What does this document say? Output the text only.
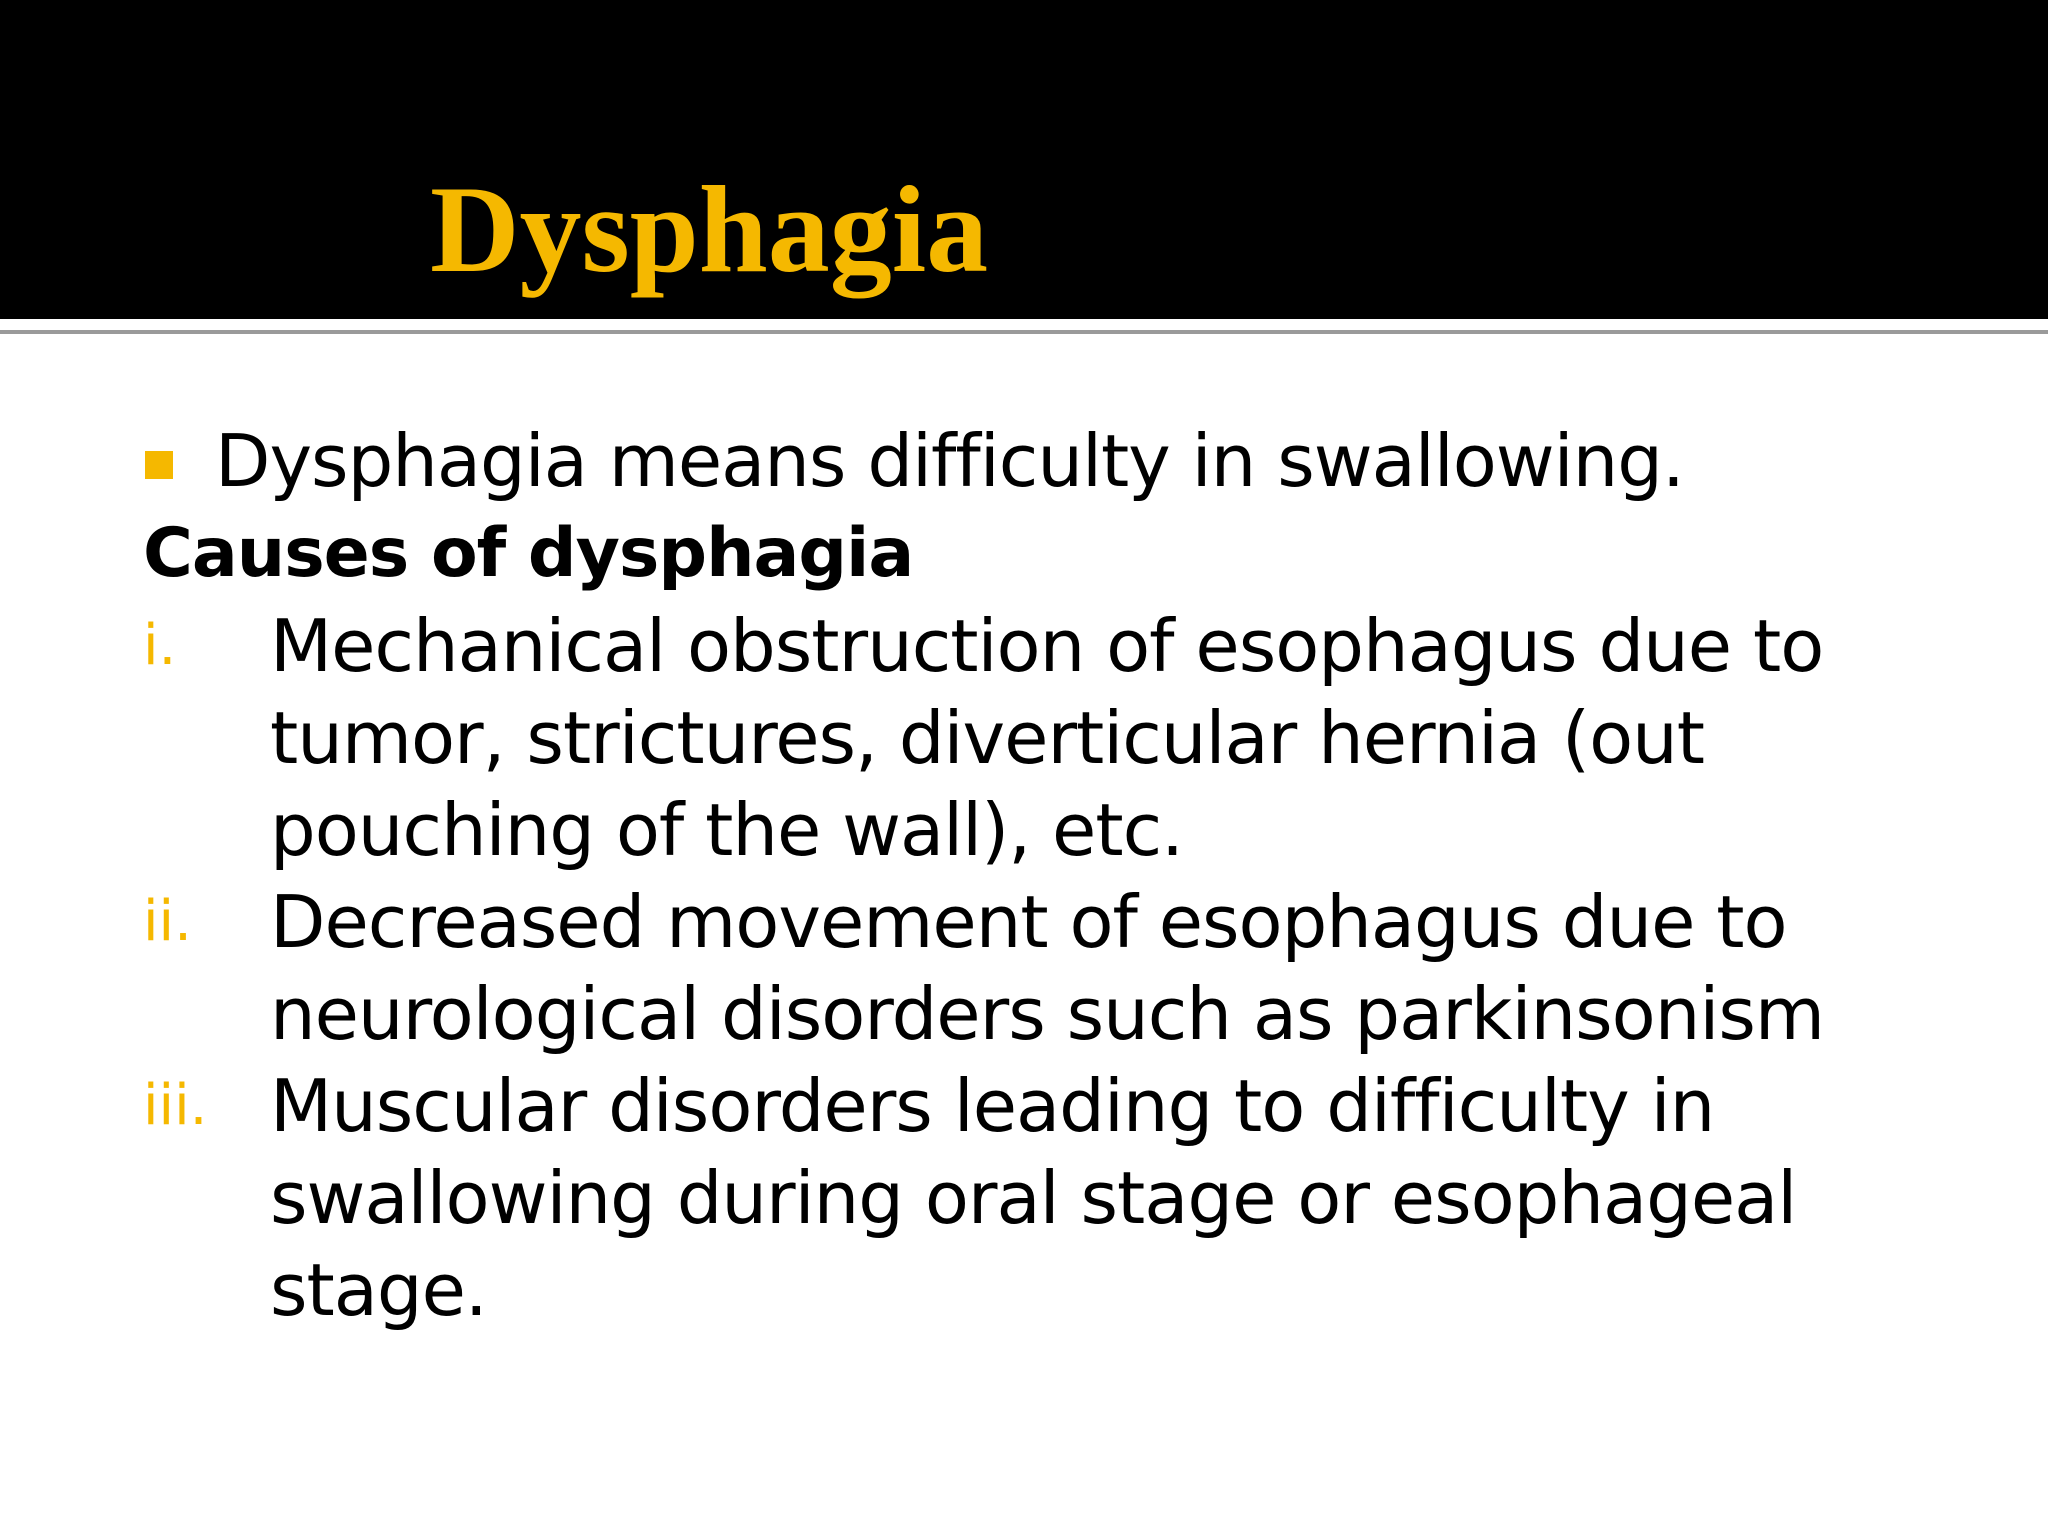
Dysphagia
Dysphagia means difficulty in swallowing.
Causes of dysphagia
i. Mechanical obstruction of esophagus due to
tumor, strictures, diverticular hernia (out
pouching of the wall), etc.
ii. Decreased movement of esophagus due to
neurological disorders such as parkinsonism
iii. Muscular disorders leading to difficulty in
swallowing during oral stage or esophageal
stage.
